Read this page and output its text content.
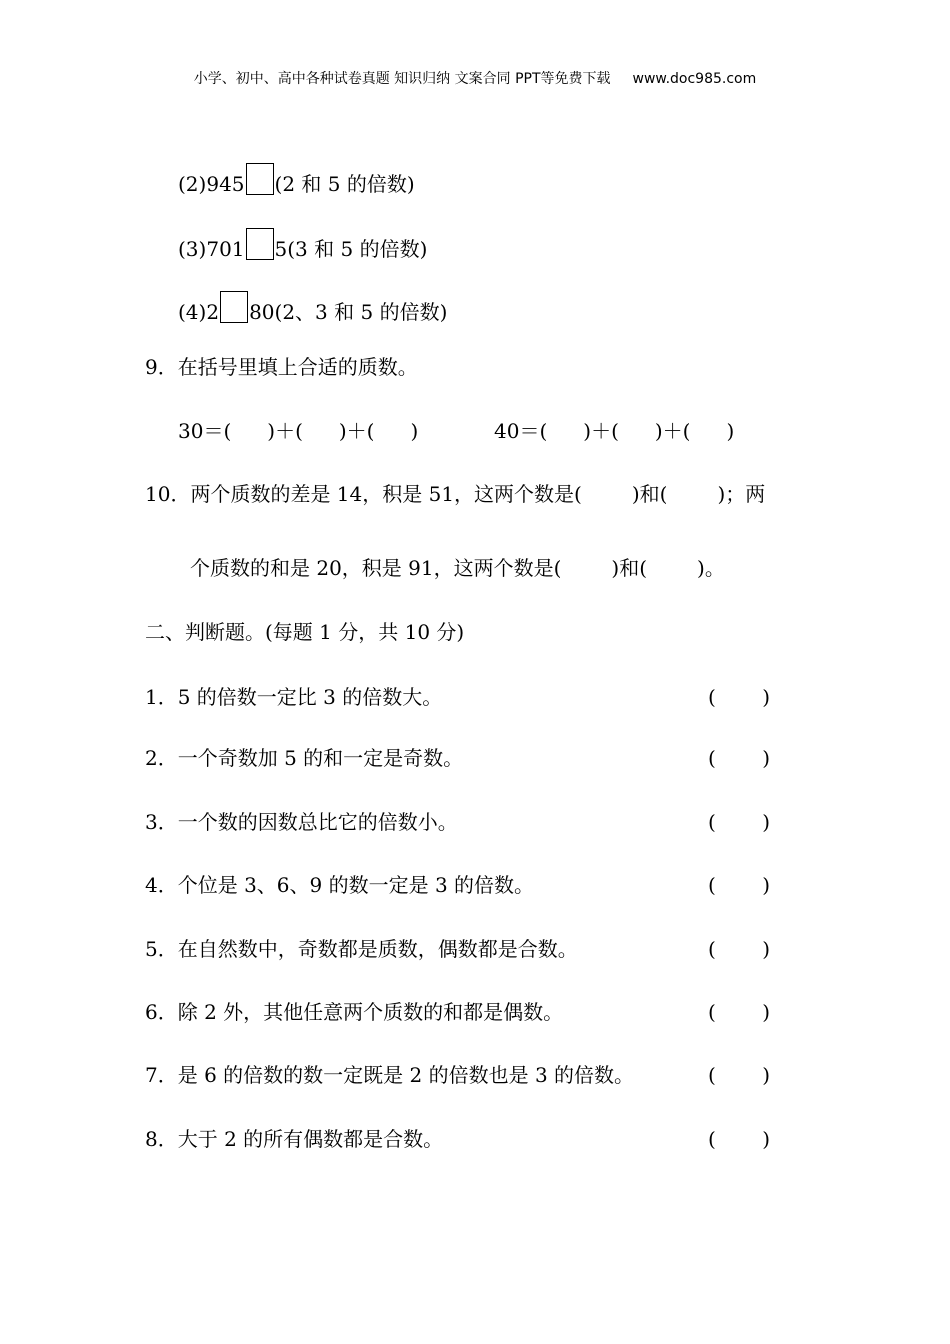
小学、初中、高中各种试卷真题 知识归纳 文案合同 PPT等免费下载 www.doc985.com
(2)945 (2 和 5 的倍数)
(3)701 5(3 和 5 的倍数)
(4)2 80(2、3 和 5 的倍数)
9．在括号里填上合适的质数。
30＝( )＋( )＋( )	40＝( )＋( )＋( )
10．两个质数的差是 14，积是 51，这两个数是(	)和(	)；两
个质数的和是 20，积是 91，这两个数是(	)和(	)。
二、判断题。(每题 1 分，共 10 分)
1．5 的倍数一定比 3 的倍数大。	( )
2．一个奇数加 5 的和一定是奇数。	( )
3．一个数的因数总比它的倍数小。	( )
4．个位是 3、6、9 的数一定是 3 的倍数。	( )
5．在自然数中，奇数都是质数，偶数都是合数。	( )
6．除 2 外，其他任意两个质数的和都是偶数。	( )
7．是 6 的倍数的数一定既是 2 的倍数也是 3 的倍数。	( )
8．大于 2 的所有偶数都是合数。	( )
